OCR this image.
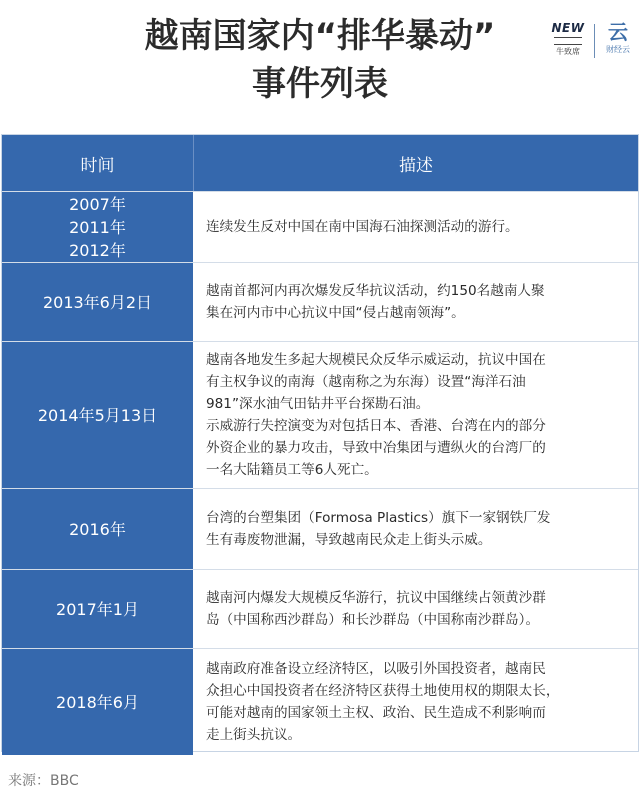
越南国家内“排华暴动”
事件列表
NEW
牛致席
云
财经云
时间	描述
2007年
2011年
2012年
连续发生反对中国在南中国海石油探测活动的游行。
2013年6月2日
越南首都河内再次爆发反华抗议活动，约150名越南人聚
集在河内市中心抗议中国“侵占越南领海”。
2014年5月13日
越南各地发生多起大规模民众反华示威运动，抗议中国在
有主权争议的南海（越南称之为东海）设置“海洋石油
981”深水油气田钻井平台探勘石油。
示威游行失控演变为对包括日本、香港、台湾在内的部分
外资企业的暴力攻击，导致中冶集团与遭纵火的台湾厂的
一名大陆籍员工等6人死亡。
2016年
台湾的台塑集团（Formosa Plastics）旗下一家钢铁厂发
生有毒废物泄漏，导致越南民众走上街头示威。
2017年1月
越南河内爆发大规模反华游行，抗议中国继续占领黄沙群
岛（中国称西沙群岛）和长沙群岛（中国称南沙群岛）。
2018年6月
越南政府准备设立经济特区，以吸引外国投资者，越南民
众担心中国投资者在经济特区获得土地使用权的期限太长，
可能对越南的国家领土主权、政治、民生造成不利影响而
走上街头抗议。
来源：BBC
